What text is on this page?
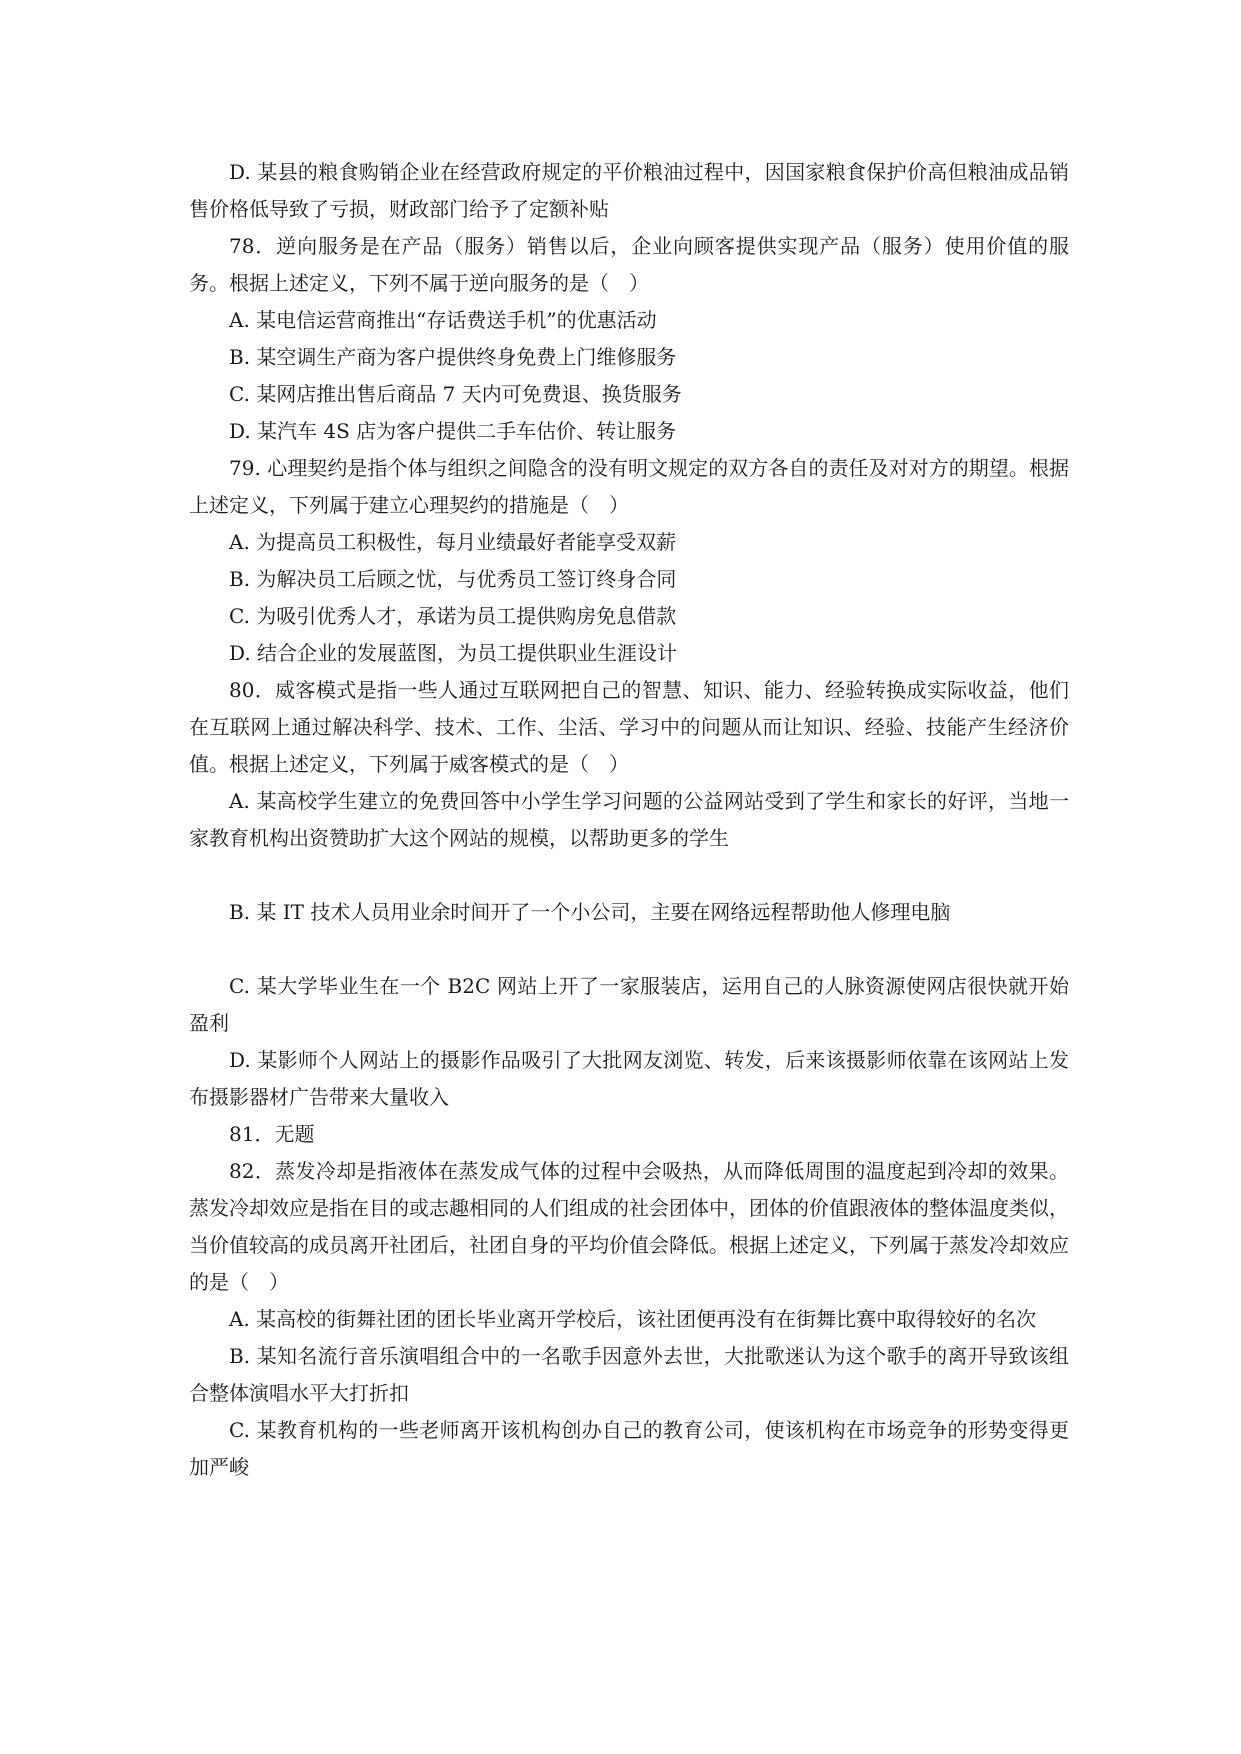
D. 某县的粮食购销企业在经营政府规定的平价粮油过程中，因国家粮食保护价高但粮油成品销售价格低导致了亏损，财政部门给予了定额补贴

78．逆向服务是在产品（服务）销售以后，企业向顾客提供实现产品（服务）使用价值的服务。根据上述定义，下列不属于逆向服务的是（　）

A. 某电信运营商推出“存话费送手机”的优惠活动

B. 某空调生产商为客户提供终身免费上门维修服务

C. 某网店推出售后商品 7 天内可免费退、换货服务

D. 某汽车 4S 店为客户提供二手车估价、转让服务

79. 心理契约是指个体与组织之间隐含的没有明文规定的双方各自的责任及对对方的期望。根据上述定义，下列属于建立心理契约的措施是（　）

A. 为提高员工积极性，每月业绩最好者能享受双薪

B. 为解决员工后顾之忧，与优秀员工签订终身合同

C. 为吸引优秀人才，承诺为员工提供购房免息借款

D. 结合企业的发展蓝图，为员工提供职业生涯设计

80．威客模式是指一些人通过互联网把自己的智慧、知识、能力、经验转换成实际收益，他们在互联网上通过解决科学、技术、工作、尘活、学习中的问题从而让知识、经验、技能产生经济价值。根据上述定义，下列属于威客模式的是（　）

A. 某高校学生建立的免费回答中小学生学习问题的公益网站受到了学生和家长的好评，当地一家教育机构出资赞助扩大这个网站的规模，以帮助更多的学生

B. 某 IT 技术人员用业余时间开了一个小公司，主要在网络远程帮助他人修理电脑

C. 某大学毕业生在一个 B2C 网站上开了一家服装店，运用自己的人脉资源使网店很快就开始盈利

D. 某影师个人网站上的摄影作品吸引了大批网友浏览、转发，后来该摄影师依靠在该网站上发布摄影器材广告带来大量收入

81．无题

82．蒸发冷却是指液体在蒸发成气体的过程中会吸热，从而降低周围的温度起到冷却的效果。蒸发冷却效应是指在目的或志趣相同的人们组成的社会团体中，团体的价值跟液体的整体温度类似，当价值较高的成员离开社团后，社团自身的平均价值会降低。根据上述定义，下列属于蒸发冷却效应的是（　）

A. 某高校的街舞社团的团长毕业离开学校后，该社团便再没有在街舞比赛中取得较好的名次

B. 某知名流行音乐演唱组合中的一名歌手因意外去世，大批歌迷认为这个歌手的离开导致该组合整体演唱水平大打折扣

C. 某教育机构的一些老师离开该机构创办自己的教育公司，使该机构在市场竞争的形势变得更加严峻
